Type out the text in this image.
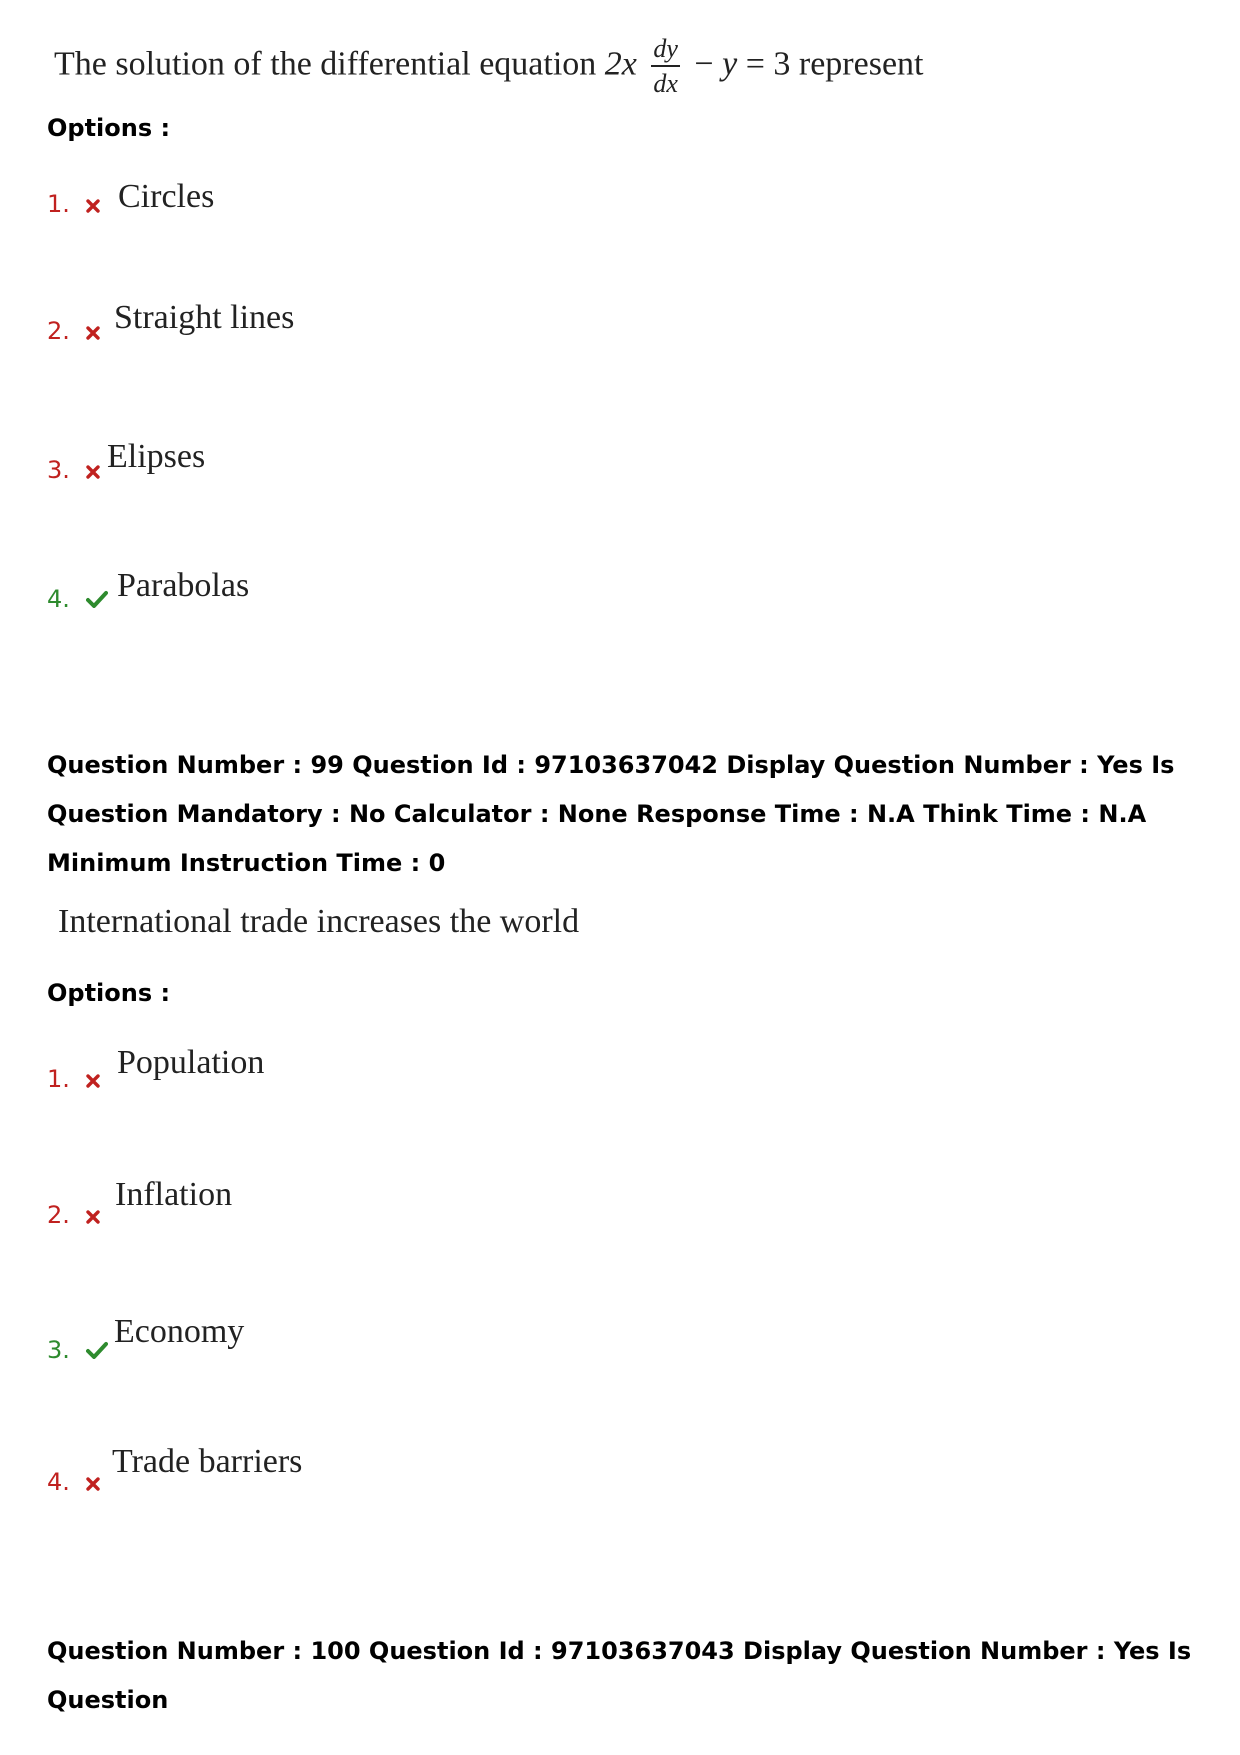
The solution of the differential equation $2x \frac{dy}{dx} - y = 3$ represent
Options :
1.	Circles
2.	Straight lines
3.	Elipses
4.	Parabolas
Question Number : 99 Question Id : 97103637042 Display Question Number : Yes Is Question Mandatory : No Calculator : None Response Time : N.A Think Time : N.A Minimum Instruction Time : 0
International trade increases the world
Options :
1.	Population
2.
Inflation
3.	Economy
4.
Trade barriers
Question Number : 100 Question Id : 97103637043 Display Question Number : Yes Is Question
